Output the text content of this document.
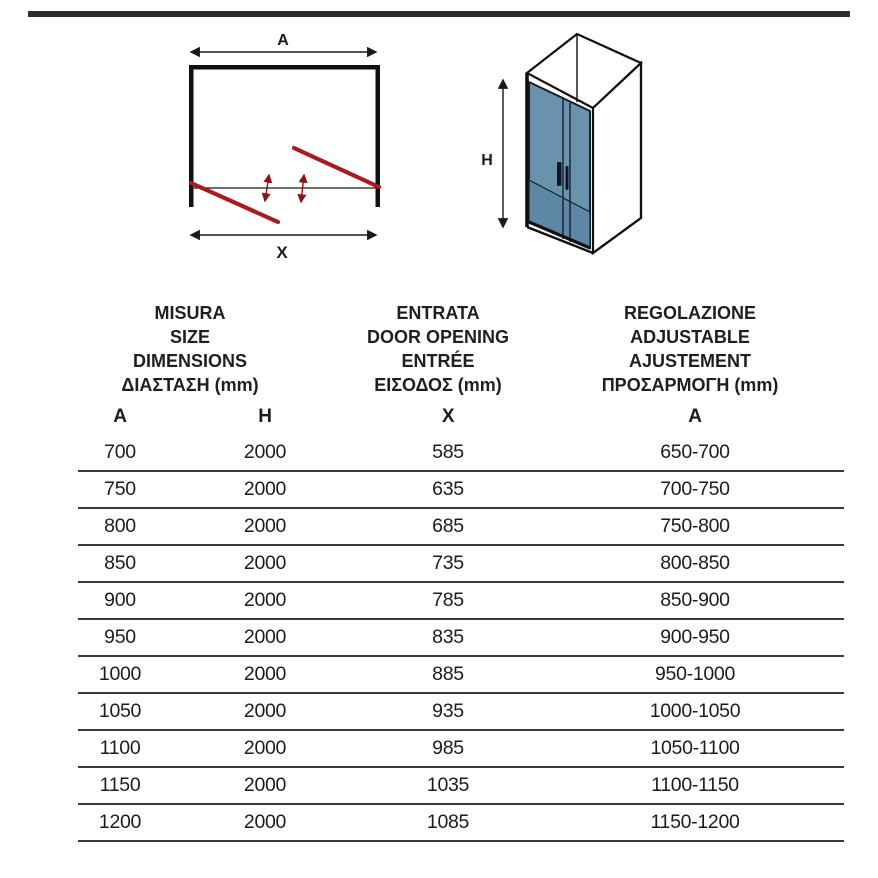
A
X
H
MISURA
SIZE
DIMENSIONS
ΔΙΑΣΤΑΣΗ (mm)
ENTRATA
DOOR OPENING
ENTRÉE
ΕΙΣΟΔΟΣ (mm)
REGOLAZIONE
ADJUSTABLE
AJUSTEMENT
ΠΡΟΣΑΡΜΟΓΗ (mm)
A	H	X	A
700	2000	585	650-700
750	2000	635	700-750
800	2000	685	750-800
850	2000	735	800-850
900	2000	785	850-900
950	2000	835	900-950
1000	2000	885	950-1000
1050	2000	935	1000-1050
1100	2000	985	1050-1100
1150	2000	1035	1100-1150
1200	2000	1085	1150-1200
